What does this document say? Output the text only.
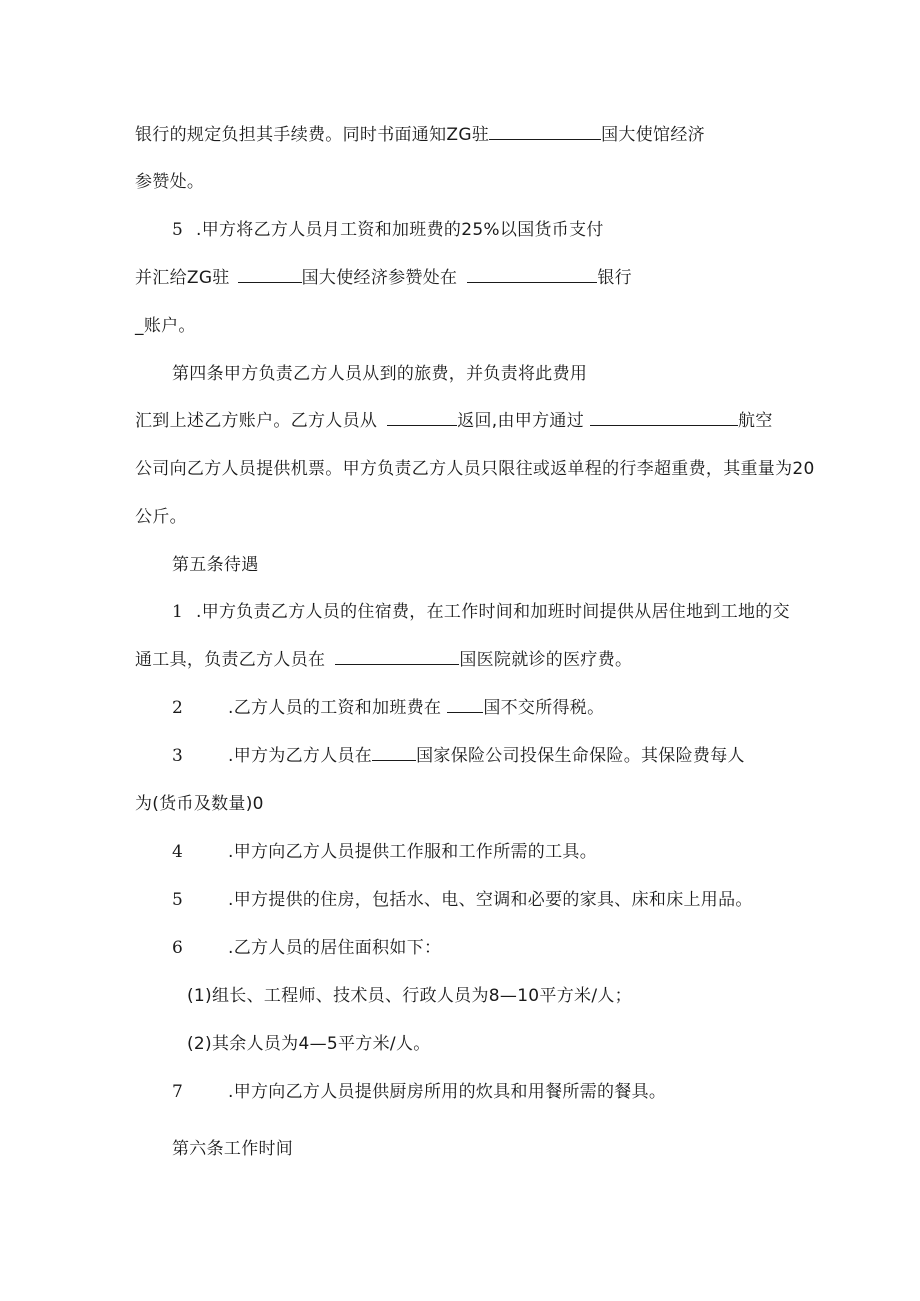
银行的规定负担其手续费。同时书面通知ZG驻	国大使馆经济
参赞处。
5 .甲方将乙方人员月工资和加班费的25%以国货币支付
并汇给ZG驻	国大使经济参赞处在	银行
_账户。
第四条甲方负责乙方人员从到的旅费，并负责将此费用
汇到上述乙方账户。乙方人员从	返回,由甲方通过	航空
公司向乙方人员提供机票。甲方负责乙方人员只限往或返单程的行李超重费，其重量为20
公斤。
第五条待遇
1 .甲方负责乙方人员的住宿费，在工作时间和加班时间提供从居住地到工地的交
通工具，负责乙方人员在	国医院就诊的医疗费。
2	.乙方人员的工资和加班费在 国不交所得税。
3	.甲方为乙方人员在	国家保险公司投保生命保险。其保险费每人
为(货币及数量)0
4	.甲方向乙方人员提供工作服和工作所需的工具。
5	.甲方提供的住房，包括水、电、空调和必要的家具、床和床上用品。
6	.乙方人员的居住面积如下：
(1)组长、工程师、技术员、行政人员为8—10平方米/人；
(2)其余人员为4—5平方米/人。
7	.甲方向乙方人员提供厨房所用的炊具和用餐所需的餐具。
第六条工作时间
